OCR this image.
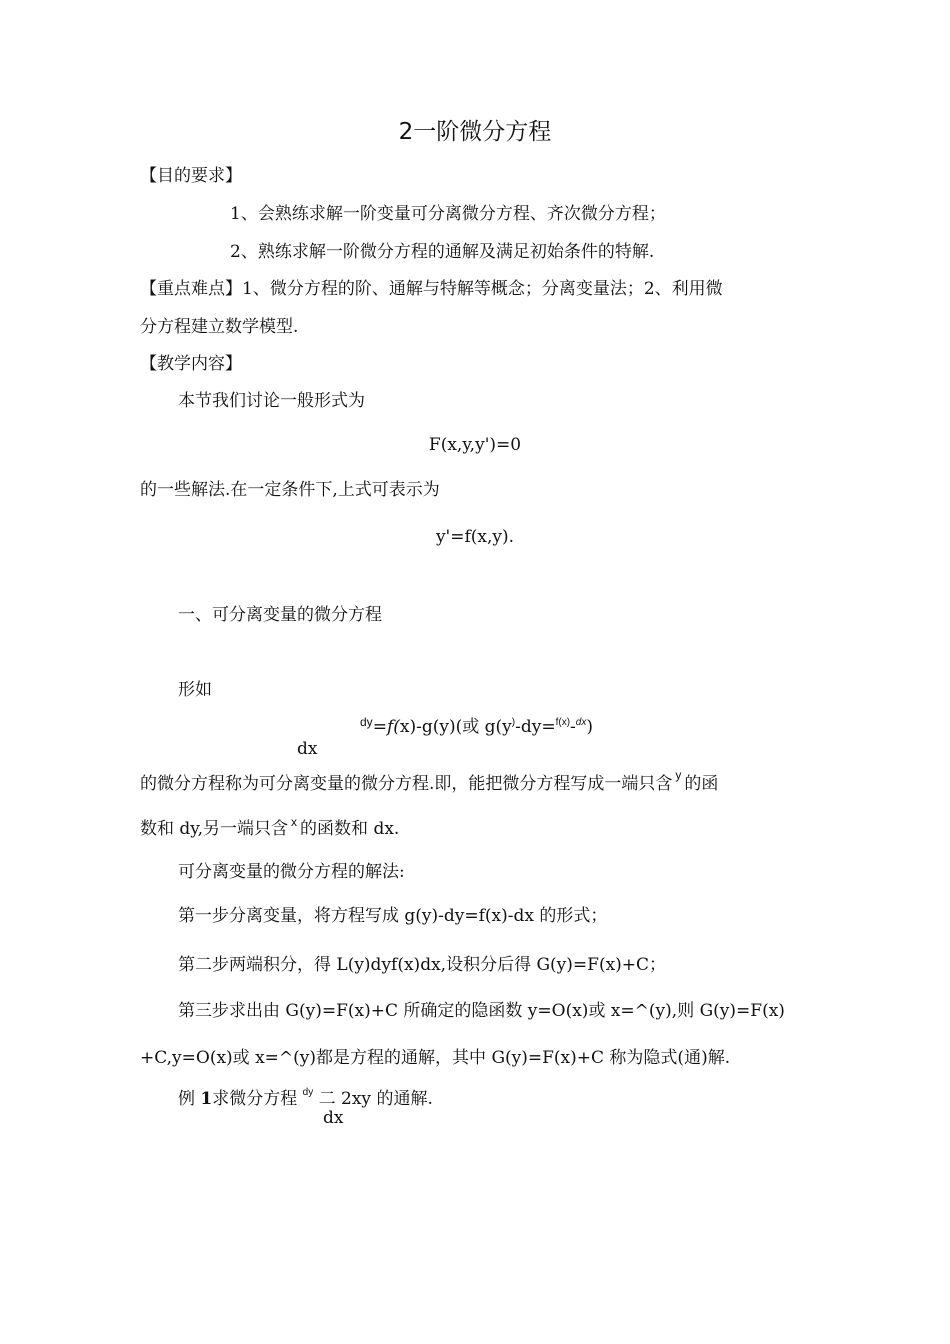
2一阶微分方程
【目的要求】
1、会熟练求解一阶变量可分离微分方程、齐次微分方程；
2、熟练求解一阶微分方程的通解及满足初始条件的特解.
【重点难点】1、微分方程的阶、通解与特解等概念；分离变量法；2、利用微
分方程建立数学模型.
【教学内容】
本节我们讨论一般形式为
F(x,y,y')=0
的一些解法.在一定条件下,上式可表示为
y'=f(x,y).
一、可分离变量的微分方程
形如
dx
$^{dy}$=f(x)-g(y)(或 g(y)-dy=$^{f(x)}$-$^{dx}$)
的微分方程称为可分离变量的微分方程.即，能把微分方程写成一端只含 $^y$ 的函
数和 dy,另一端只含 $^x$ 的函数和 dx.
可分离变量的微分方程的解法:
第一步分离变量，将方程写成 g(y)-dy=f(x)-dx 的形式；
第二步两端积分，得 L(y)dyf(x)dx,设积分后得 G(y)=F(x)+C；
第三步求出由 G(y)=F(x)+C 所确定的隐函数 y=O(x)或 x=^(y),则 G(y)=F(x)
+C,y=O(x)或 x=^(y)都是方程的通解，其中 G(y)=F(x)+C 称为隐式(通)解.
例 1求微分方程 $^{dy}$ 二 2xy 的通解.
dx
